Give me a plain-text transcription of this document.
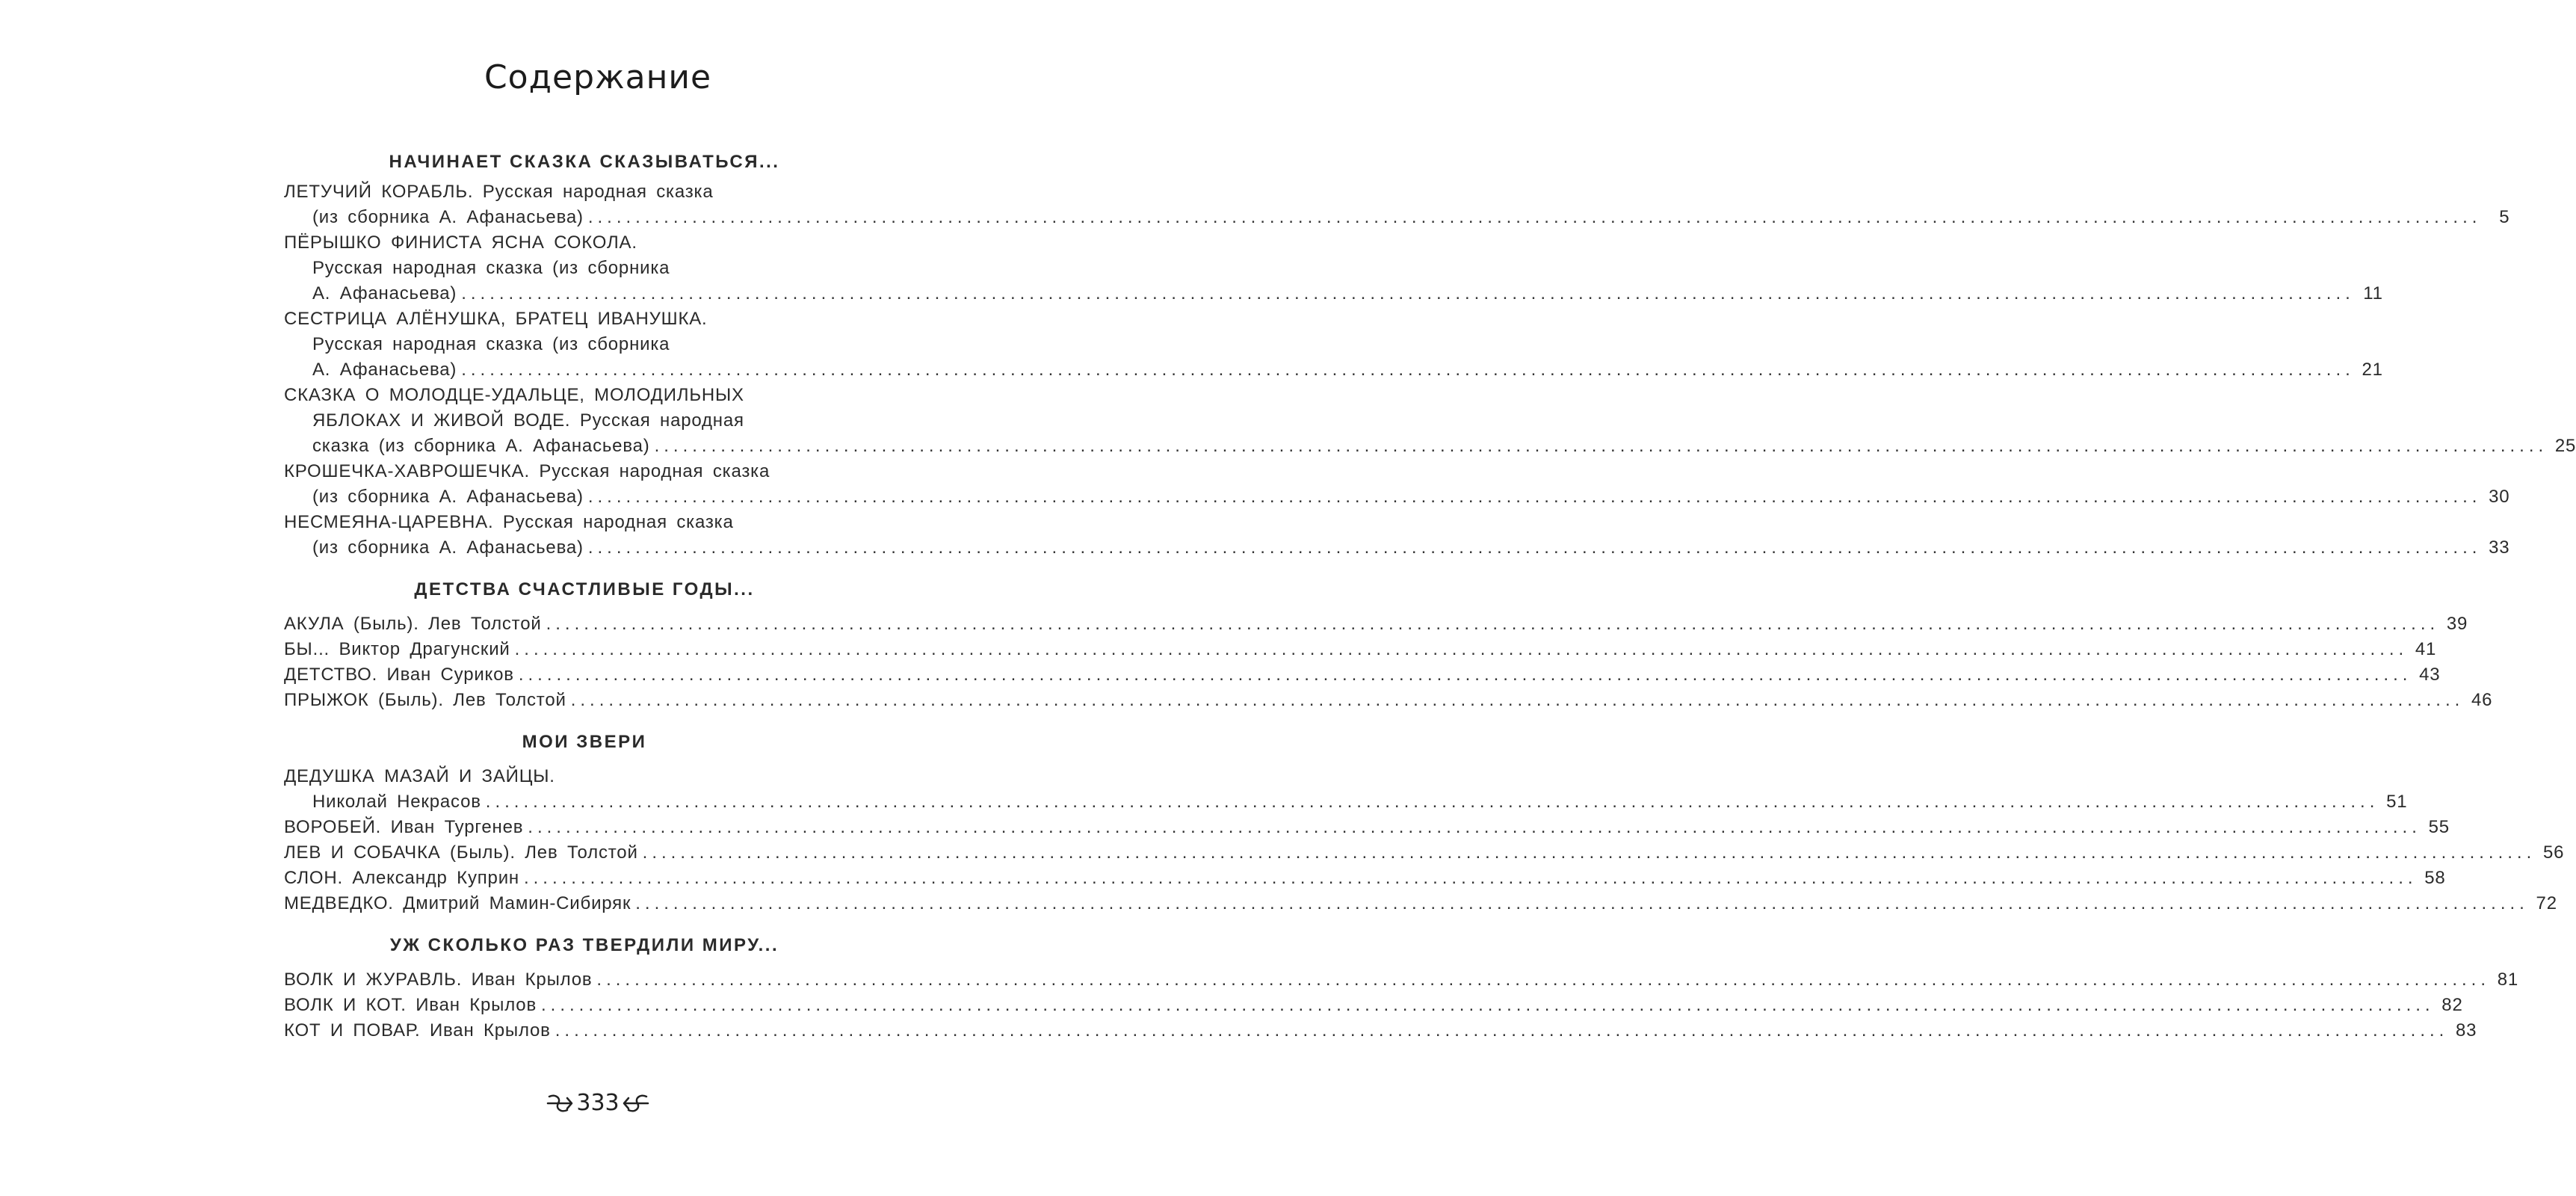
Содержание
НАЧИНАЕТ СКАЗКА СКАЗЫВАТЬСЯ...
ЛЕТУЧИЙ КОРАБЛЬ. Русская народная сказка
(из сборника А. Афанасьева) ........................................................................................................................................................................................................ 5
ПЁРЫШКО ФИНИСТА ЯСНА СОКОЛА.
Русская народная сказка (из сборника
А. Афанасьева) ........................................................................................................................................................................................................ 11
СЕСТРИЦА АЛЁНУШКА, БРАТЕЦ ИВАНУШКА.
Русская народная сказка (из сборника
А. Афанасьева) ........................................................................................................................................................................................................ 21
СКАЗКА О МОЛОДЦЕ-УДАЛЬЦЕ, МОЛОДИЛЬНЫХ
ЯБЛОКАХ И ЖИВОЙ ВОДЕ. Русская народная
сказка (из сборника А. Афанасьева) ........................................................................................................................................................................................................ 25
КРОШЕЧКА-ХАВРОШЕЧКА. Русская народная сказка
(из сборника А. Афанасьева) ........................................................................................................................................................................................................ 30
НЕСМЕЯНА-ЦАРЕВНА. Русская народная сказка
(из сборника А. Афанасьева) ........................................................................................................................................................................................................ 33
ДЕТСТВА СЧАСТЛИВЫЕ ГОДЫ...
АКУЛА (Быль). Лев Толстой ........................................................................................................................................................................................................ 39
БЫ... Виктор Драгунский ........................................................................................................................................................................................................ 41
ДЕТСТВО. Иван Суриков ........................................................................................................................................................................................................ 43
ПРЫЖОК (Быль). Лев Толстой ........................................................................................................................................................................................................ 46
МОИ ЗВЕРИ
ДЕДУШКА МАЗАЙ И ЗАЙЦЫ.
Николай Некрасов ........................................................................................................................................................................................................ 51
ВОРОБЕЙ. Иван Тургенев ........................................................................................................................................................................................................ 55
ЛЕВ И СОБАЧКА (Быль). Лев Толстой ........................................................................................................................................................................................................ 56
СЛОН. Александр Куприн ........................................................................................................................................................................................................ 58
МЕДВЕДКО. Дмитрий Мамин-Сибиряк ........................................................................................................................................................................................................ 72
УЖ СКОЛЬКО РАЗ ТВЕРДИЛИ МИРУ...
ВОЛК И ЖУРАВЛЬ. Иван Крылов ........................................................................................................................................................................................................ 81
ВОЛК И КОТ. Иван Крылов ........................................................................................................................................................................................................ 82
КОТ И ПОВАР. Иван Крылов ........................................................................................................................................................................................................ 83
333
